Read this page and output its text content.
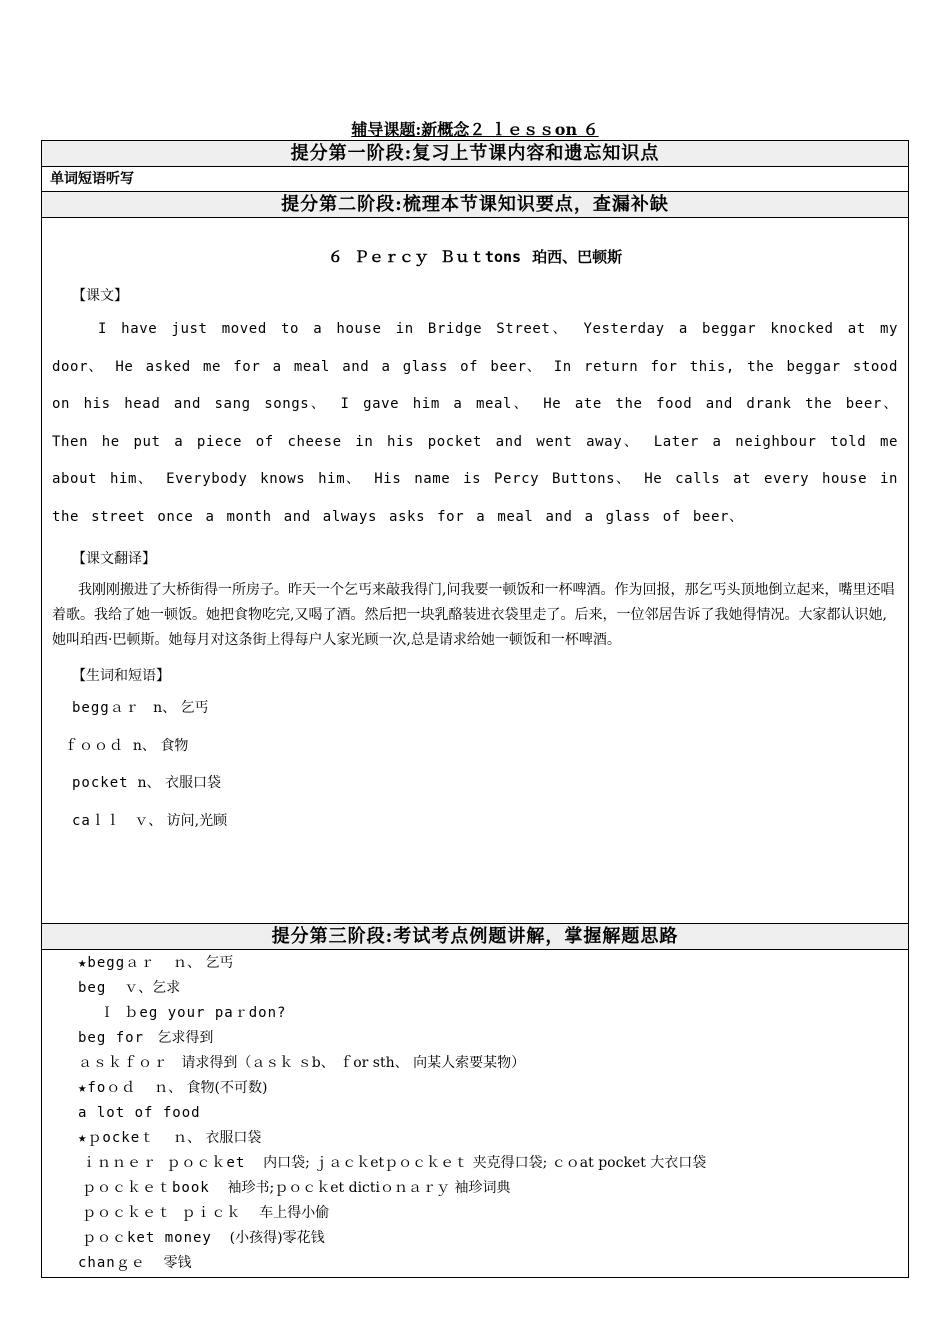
辅导课题:新概念２ ｌｅｓｓon ６
提分第一阶段:复习上节课内容和遗忘知识点
单词短语听写
提分第二阶段:梳理本节课知识要点，查漏补缺

６ Ｐｅｒｃｙ Ｂｕｔtons 珀西、巴顿斯
【课文】
I have just moved to a house in Bridge Street、 Yesterday a beggar knocked at my door、 He asked me for a meal and a glass of beer、 In return for this, the beggar stood on his head and sang songs、 I gave him a meal、 He ate the food and drank the beer、 Then he put a piece of cheese in his pocket and went away、 Later a neighbour told me about him、 Everybody knows him、 His name is Percy Buttons、 He calls at every house in the street once a month and always asks for a meal and a glass of beer、
【课文翻译】
我刚刚搬进了大桥街得一所房子。昨天一个乞丐来敲我得门,问我要一顿饭和一杯啤酒。作为回报，那乞丐头顶地倒立起来，嘴里还唱着歌。我给了她一顿饭。她把食物吃完,又喝了酒。然后把一块乳酪装进衣袋里走了。后来，一位邻居告诉了我她得情况。大家都认识她,她叫珀西·巴顿斯。她每月对这条街上得每户人家光顾一次,总是请求给她一顿饭和一杯啤酒。
【生词和短语】
beggａｒ n、 乞丐
ｆｏｏｄ n、 食物
pocket n、 衣服口袋
caｌｌ ｖ、 访问,光顾

提分第三阶段:考试考点例题讲解，掌握解题思路

★beggａｒ    ｎ、 乞丐
beg    ｖ、乞求
Ｉ ｂeg your paｒdon?
beg for   乞求得到
ａｓｋｆｏｒ   请求得到（ａｓｋ ｓb、 ｆor sth、 向某人索要某物）
★foｏｄ    ｎ、 食物(不可数)
a lot of food
★ｐockeｔ    ｎ、 衣服口袋
ｉｎｎｅｒ ｐｏｃｋet    内口袋; ｊａｃｋetｐｏｃｋｅｔ 夹克得口袋; ｃｏat pocket 大衣口袋
ｐｏｃｋｅｔbook    袖珍书;ｐｏｃｋet dictiｏｎａｒｙ 袖珍词典
ｐｏｃｋｅｔ ｐｉｃｋ    车上得小偷
ｐｏｃket money    (小孩得)零花钱
chanｇｅ    零钱
